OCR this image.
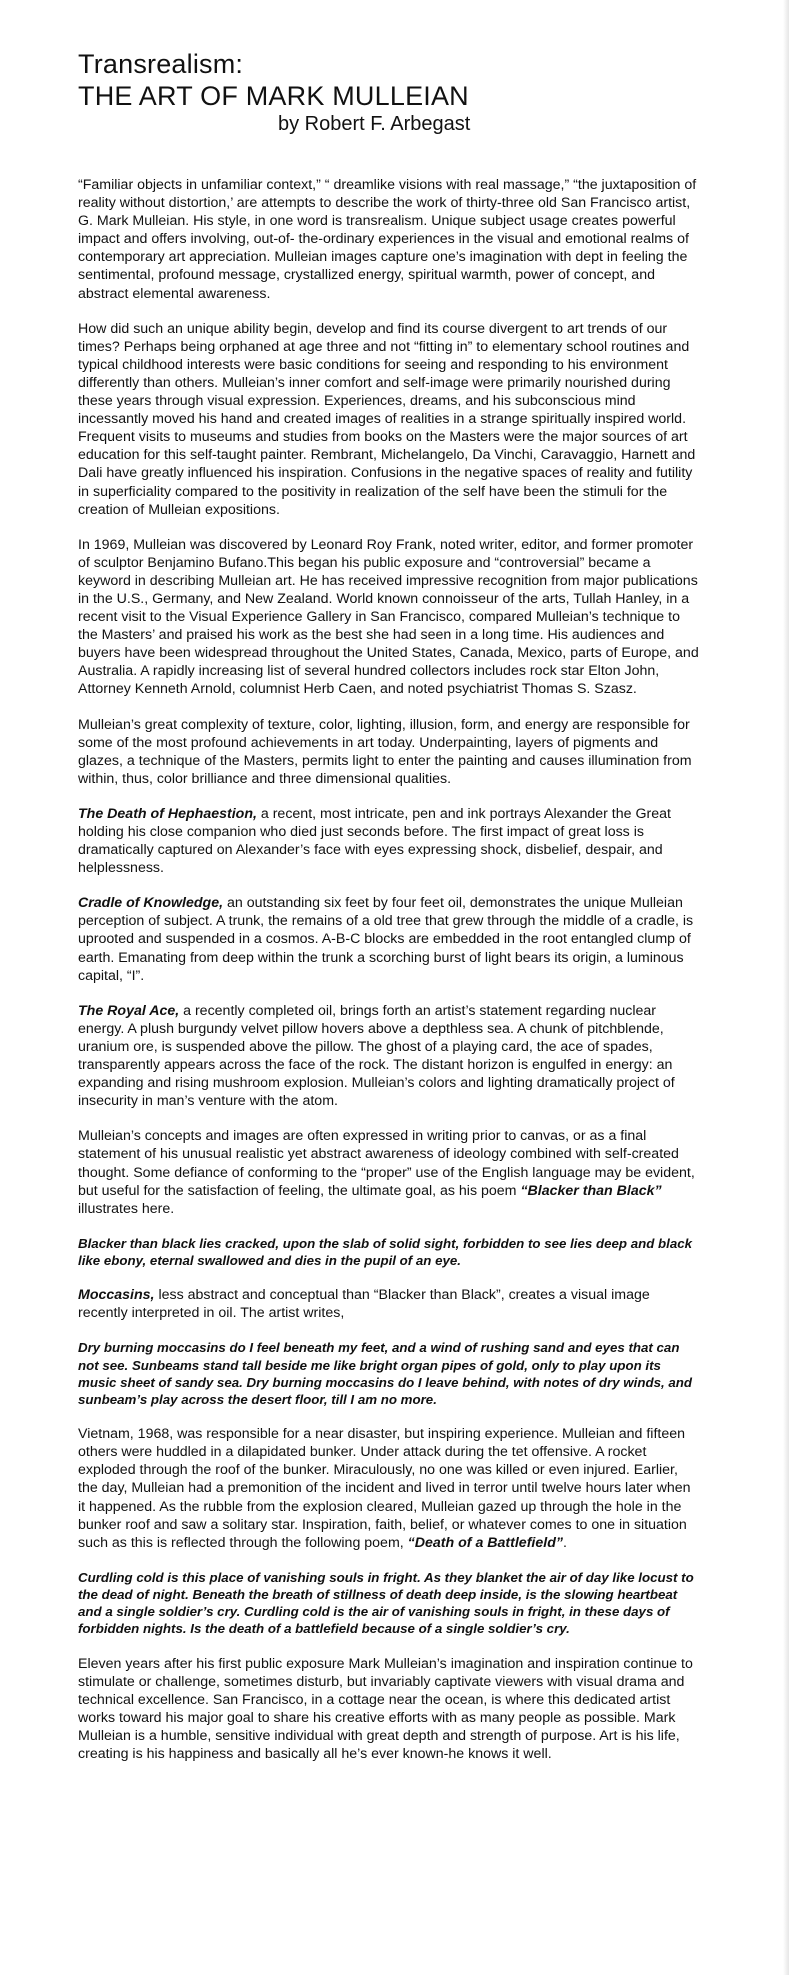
Transrealism:
THE ART OF MARK MULLEIAN
by Robert F. Arbegast

“Familiar objects in unfamiliar context,” “ dreamlike visions with real massage,” “the juxtaposition of reality without distortion,’ are attempts to describe the work of thirty-three old San Francisco artist, G. Mark Mulleian. His style, in one word is transrealism. Unique subject usage creates powerful impact and offers involving, out-of- the-ordinary experiences in the visual and emotional realms of contemporary art appreciation. Mulleian images capture one’s imagination with dept in feeling the sentimental, profound message, crystallized energy, spiritual warmth, power of concept, and abstract elemental awareness.

How did such an unique ability begin, develop and find its course divergent to art trends of our times? Perhaps being orphaned at age three and not “fitting in” to elementary school routines and typical childhood interests were basic conditions for seeing and responding to his environment differently than others. Mulleian’s inner comfort and self-image were primarily nourished during these years through visual expression. Experiences, dreams, and his subconscious mind incessantly moved his hand and created images of realities in a strange spiritually inspired world. Frequent visits to museums and studies from books on the Masters were the major sources of art education for this self-taught painter. Rembrant, Michelangelo, Da Vinchi, Caravaggio, Harnett and Dali have greatly influenced his inspiration. Confusions in the negative spaces of reality and futility in superficiality compared to the positivity in realization of the self have been the stimuli for the creation of Mulleian expositions.

In 1969, Mulleian was discovered by Leonard Roy Frank, noted writer, editor, and former promoter of sculptor Benjamino Bufano.This began his public exposure and “controversial” became a keyword in describing Mulleian art. He has received impressive recognition from major publications in the U.S., Germany, and New Zealand. World known connoisseur of the arts, Tullah Hanley, in a recent visit to the Visual Experience Gallery in San Francisco, compared Mulleian’s technique to the Masters’ and praised his work as the best she had seen in a long time. His audiences and buyers have been widespread throughout the United States, Canada, Mexico, parts of Europe, and Australia. A rapidly increasing list of several hundred collectors includes rock star Elton John, Attorney Kenneth Arnold, columnist Herb Caen, and noted psychiatrist Thomas S. Szasz.

Mulleian’s great complexity of texture, color, lighting, illusion, form, and energy are responsible for some of the most profound achievements in art today. Underpainting, layers of pigments and glazes, a technique of the Masters, permits light to enter the painting and causes illumination from within, thus, color brilliance and three dimensional qualities.

The Death of Hephaestion, a recent, most intricate, pen and ink portrays Alexander the Great holding his close companion who died just seconds before. The first impact of great loss is dramatically captured on Alexander’s face with eyes expressing shock, disbelief, despair, and helplessness.

Cradle of Knowledge, an outstanding six feet by four feet oil, demonstrates the unique Mulleian perception of subject. A trunk, the remains of a old tree that grew through the middle of a cradle, is uprooted and suspended in a cosmos. A-B-C blocks are embedded in the root entangled clump of earth. Emanating from deep within the trunk a scorching burst of light bears its origin, a luminous capital, “I”.

The Royal Ace, a recently completed oil, brings forth an artist’s statement regarding nuclear energy. A plush burgundy velvet pillow hovers above a depthless sea. A chunk of pitchblende, uranium ore, is suspended above the pillow. The ghost of a playing card, the ace of spades, transparently appears across the face of the rock. The distant horizon is engulfed in energy: an expanding and rising mushroom explosion. Mulleian’s colors and lighting dramatically project of insecurity in man’s venture with the atom.

Mulleian’s concepts and images are often expressed in writing prior to canvas, or as a final statement of his unusual realistic yet abstract awareness of ideology combined with self-created thought. Some defiance of conforming to the “proper” use of the English language may be evident, but useful for the satisfaction of feeling, the ultimate goal, as his poem “Blacker than Black” illustrates here.

Blacker than black lies cracked, upon the slab of solid sight, forbidden to see lies deep and black like ebony, eternal swallowed and dies in the pupil of an eye.

Moccasins, less abstract and conceptual than “Blacker than Black”, creates a visual image recently interpreted in oil. The artist writes,

Dry burning moccasins do I feel beneath my feet, and a wind of rushing sand and eyes that can not see. Sunbeams stand tall beside me like bright organ pipes of gold, only to play upon its music sheet of sandy sea. Dry burning moccasins do I leave behind, with notes of dry winds, and sunbeam’s play across the desert floor, till I am no more.

Vietnam, 1968, was responsible for a near disaster, but inspiring experience. Mulleian and fifteen others were huddled in a dilapidated bunker. Under attack during the tet offensive. A rocket exploded through the roof of the bunker. Miraculously, no one was killed or even injured. Earlier, the day, Mulleian had a premonition of the incident and lived in terror until twelve hours later when it happened. As the rubble from the explosion cleared, Mulleian gazed up through the hole in the bunker roof and saw a solitary star. Inspiration, faith, belief, or whatever comes to one in situation such as this is reflected through the following poem, “Death of a Battlefield”.

Curdling cold is this place of vanishing souls in fright. As they blanket the air of day like locust to the dead of night. Beneath the breath of stillness of death deep inside, is the slowing heartbeat and a single soldier’s cry. Curdling cold is the air of vanishing souls in fright, in these days of forbidden nights. Is the death of a battlefield because of a single soldier’s cry.

Eleven years after his first public exposure Mark Mulleian’s imagination and inspiration continue to stimulate or challenge, sometimes disturb, but invariably captivate viewers with visual drama and technical excellence. San Francisco, in a cottage near the ocean, is where this dedicated artist works toward his major goal to share his creative efforts with as many people as possible. Mark Mulleian is a humble, sensitive individual with great depth and strength of purpose. Art is his life, creating is his happiness and basically all he’s ever known-he knows it well.
